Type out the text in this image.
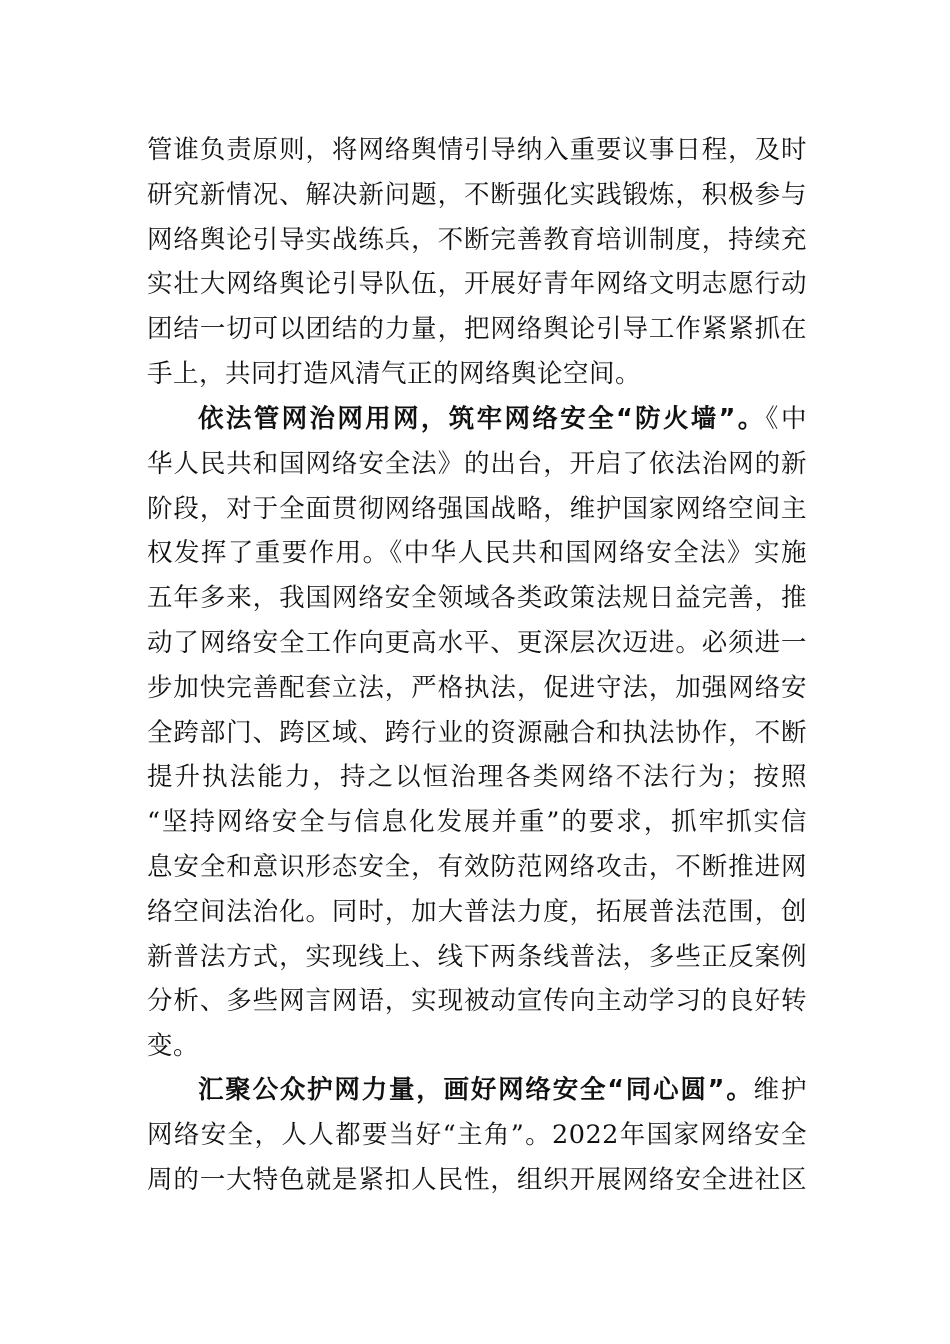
管谁负责原则，将网络舆情引导纳入重要议事日程，及时
研究新情况、解决新问题，不断强化实践锻炼，积极参与
网络舆论引导实战练兵，不断完善教育培训制度，持续充
实壮大网络舆论引导队伍，开展好青年网络文明志愿行动
团结一切可以团结的力量，把网络舆论引导工作紧紧抓在
手上，共同打造风清气正的网络舆论空间。
依法管网治网用网，筑牢网络安全“防火墙”。《中
华人民共和国网络安全法》的出台，开启了依法治网的新
阶段，对于全面贯彻网络强国战略，维护国家网络空间主
权发挥了重要作用。《中华人民共和国网络安全法》实施
五年多来，我国网络安全领域各类政策法规日益完善，推
动了网络安全工作向更高水平、更深层次迈进。必须进一
步加快完善配套立法，严格执法，促进守法，加强网络安
全跨部门、跨区域、跨行业的资源融合和执法协作，不断
提升执法能力，持之以恒治理各类网络不法行为；按照
“坚持网络安全与信息化发展并重”的要求，抓牢抓实信
息安全和意识形态安全，有效防范网络攻击，不断推进网
络空间法治化。同时，加大普法力度，拓展普法范围，创
新普法方式，实现线上、线下两条线普法，多些正反案例
分析、多些网言网语，实现被动宣传向主动学习的良好转
变。
汇聚公众护网力量，画好网络安全“同心圆”。维护
网络安全，人人都要当好“主角”。2022年国家网络安全
周的一大特色就是紧扣人民性，组织开展网络安全进社区
